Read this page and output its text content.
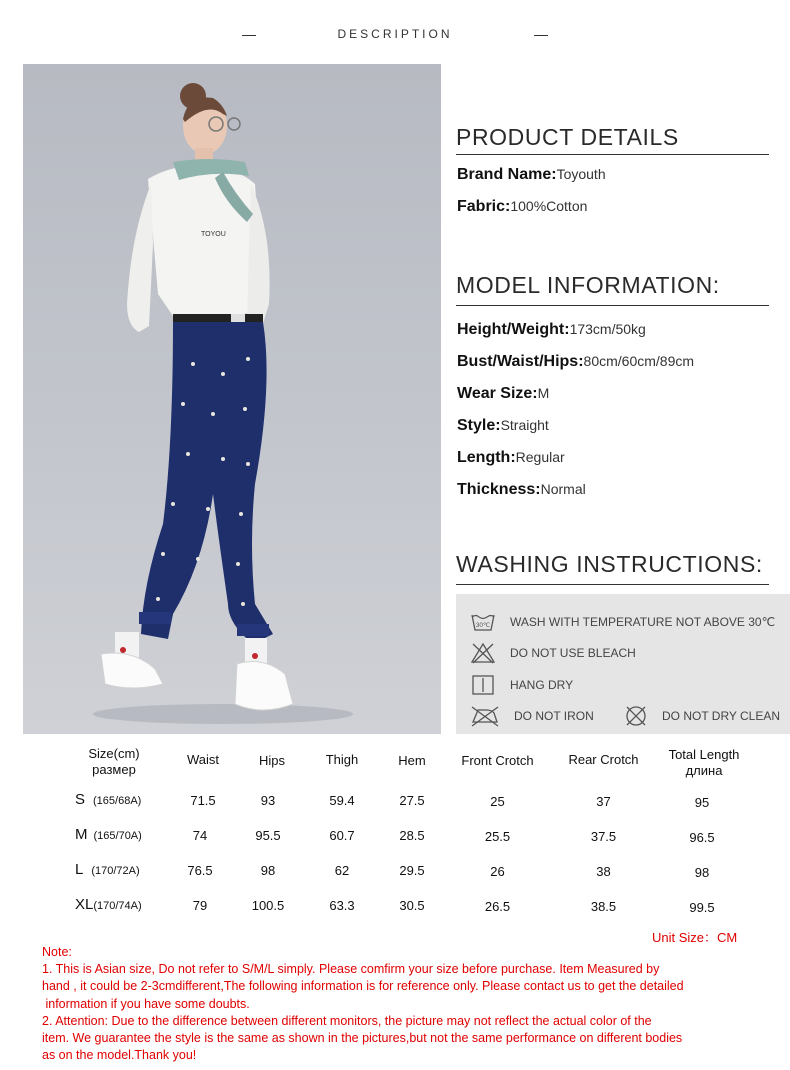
DESCRIPTION
TOYOU
PRODUCT DETAILS
Brand Name:Toyouth
Fabric:100%Cotton
MODEL INFORMATION:
Height/Weight:173cm/50kg
Bust/Waist/Hips:80cm/60cm/89cm
Wear Size:M
Style:Straight
Length:Regular
Thickness:Normal
WASHING INSTRUCTIONS:
30℃ WASH WITH TEMPERATURE NOT ABOVE 30℃
DO NOT USE BLEACH
HANG DRY
DO NOT IRON	DO NOT DRY CLEAN
Size(cm)
размер
Waist	Hips	Thigh	Hem	Front Crotch	Rear Crotch	Total Length
длина
S (165/68A)	71.5	93	59.4	27.5	25	37	95
M (165/70A)	74	95.5	60.7	28.5	25.5	37.5	96.5
L (170/72A)	76.5	98	62	29.5	26	38	98
XL(170/74A)	79	100.5	63.3	30.5	26.5	38.5	99.5
Unit Size：CM

Note:

1. This is Asian size, Do not refer to S/M/L simply. Please comfirm your size before purchase. Item Measured by

hand , it could be 2-3cmdifferent,The following information is for reference only. Please contact us to get the detailed

information if you have some doubts.

2. Attention: Due to the difference between different monitors, the picture may not reflect the actual color of the

item. We guarantee the style is the same as shown in the pictures,but not the same performance on different bodies

as on the model.Thank you!
